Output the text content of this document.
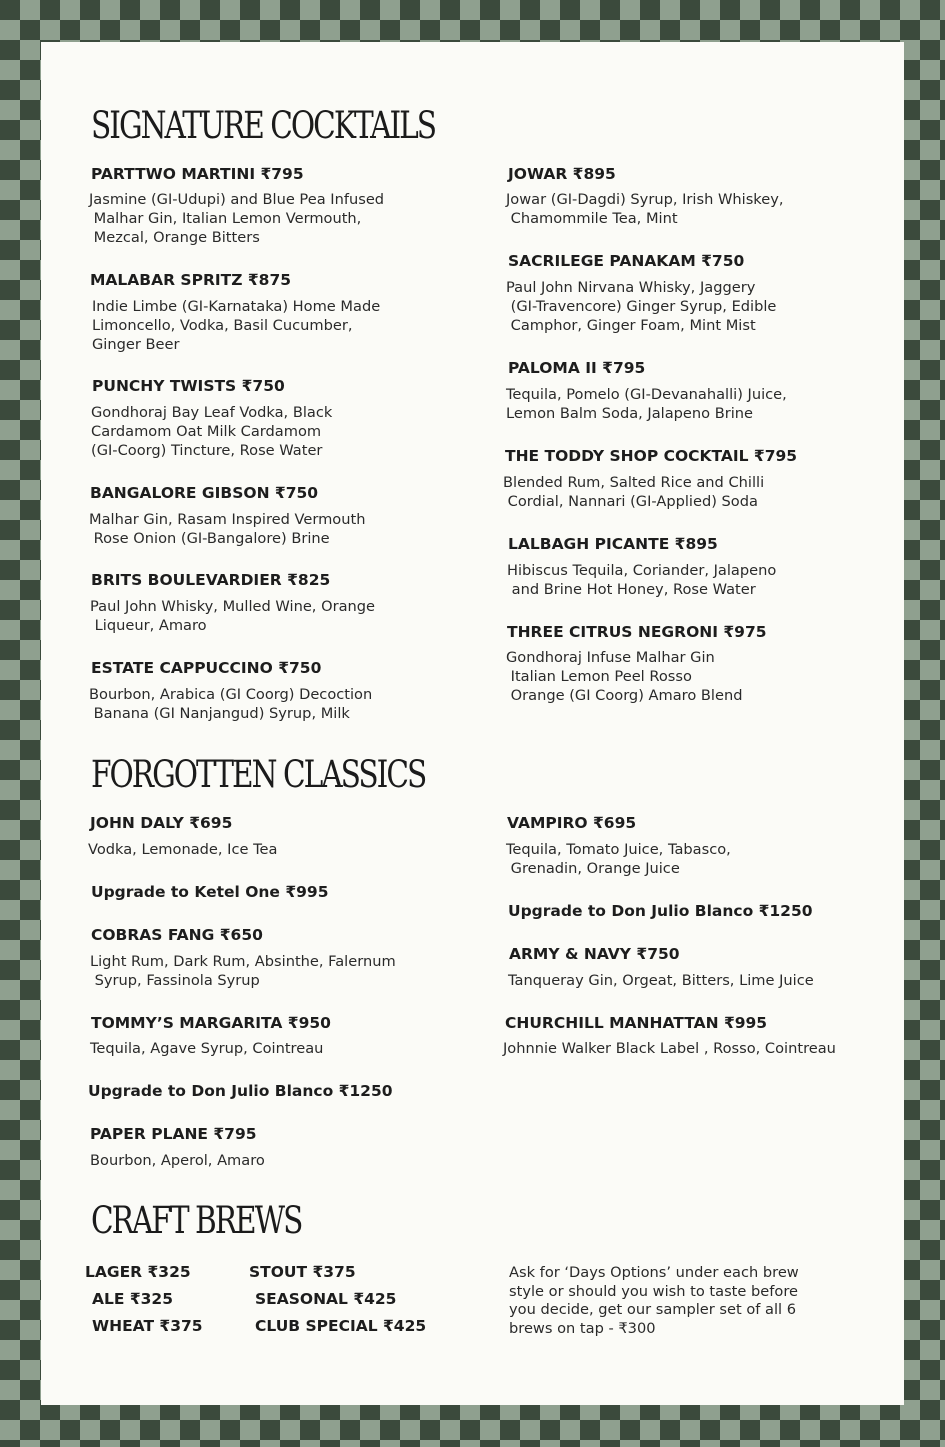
SIGNATURE COCKTAILS
PARTTWO MARTINI ₹795
Jasmine (GI-Udupi) and Blue Pea Infused
Malhar Gin, Italian Lemon Vermouth,
Mezcal, Orange Bitters
MALABAR SPRITZ ₹875
Indie Limbe (GI-Karnataka) Home Made
Limoncello, Vodka, Basil Cucumber,
Ginger Beer
PUNCHY TWISTS ₹750
Gondhoraj Bay Leaf Vodka, Black
Cardamom Oat Milk Cardamom
(GI-Coorg) Tincture, Rose Water
BANGALORE GIBSON ₹750
Malhar Gin, Rasam Inspired Vermouth
Rose Onion (GI-Bangalore) Brine
BRITS BOULEVARDIER ₹825
Paul John Whisky, Mulled Wine, Orange
Liqueur, Amaro
ESTATE CAPPUCCINO ₹750
Bourbon, Arabica (GI Coorg) Decoction
Banana (GI Nanjangud) Syrup, Milk
JOWAR ₹895
Jowar (GI-Dagdi) Syrup, Irish Whiskey,
Chamommile Tea, Mint
SACRILEGE PANAKAM ₹750
Paul John Nirvana Whisky, Jaggery
(GI-Travencore) Ginger Syrup, Edible
Camphor, Ginger Foam, Mint Mist
PALOMA II ₹795
Tequila, Pomelo (GI-Devanahalli) Juice,
Lemon Balm Soda, Jalapeno Brine
THE TODDY SHOP COCKTAIL ₹795
Blended Rum, Salted Rice and Chilli
Cordial, Nannari (GI-Applied) Soda
LALBAGH PICANTE ₹895
Hibiscus Tequila, Coriander, Jalapeno
and Brine Hot Honey, Rose Water
THREE CITRUS NEGRONI ₹975
Gondhoraj Infuse Malhar Gin
Italian Lemon Peel Rosso
Orange (GI Coorg) Amaro Blend
FORGOTTEN CLASSICS
JOHN DALY ₹695
Vodka, Lemonade, Ice Tea
Upgrade to Ketel One ₹995
COBRAS FANG ₹650
Light Rum, Dark Rum, Absinthe, Falernum
Syrup, Fassinola Syrup
TOMMY’S MARGARITA ₹950
Tequila, Agave Syrup, Cointreau
Upgrade to Don Julio Blanco ₹1250
PAPER PLANE ₹795
Bourbon, Aperol, Amaro
VAMPIRO ₹695
Tequila, Tomato Juice, Tabasco,
Grenadin, Orange Juice
Upgrade to Don Julio Blanco ₹1250
ARMY & NAVY ₹750
Tanqueray Gin, Orgeat, Bitters, Lime Juice
CHURCHILL MANHATTAN ₹995
Johnnie Walker Black Label , Rosso, Cointreau
CRAFT BREWS
LAGER ₹325
ALE ₹325
WHEAT ₹375
STOUT ₹375
SEASONAL ₹425
CLUB SPECIAL ₹425
Ask for ‘Days Options’ under each brew style or should you wish to taste before you decide, get our sampler set of all 6 brews on tap - ₹300
